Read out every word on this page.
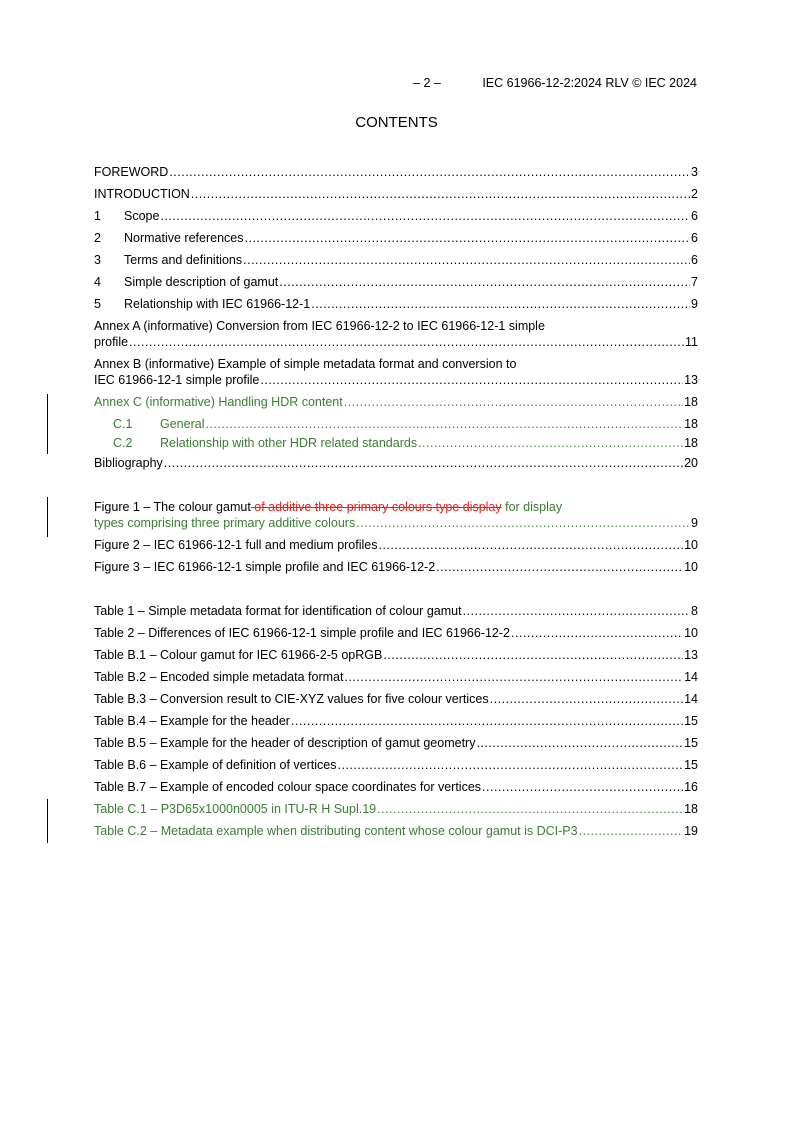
– 2 –	IEC 61966-12-2:2024 RLV © IEC 2024
CONTENTS
FOREWORD .....	3
INTRODUCTION .....	2
1	Scope .....	6
2	Normative references .....	6
3	Terms and definitions .....	6
4	Simple description of gamut .....	7
5	Relationship with IEC 61966-12-1 .....	9
Annex A (informative) Conversion from IEC 61966-12-2 to IEC 61966-12-1 simple
profile .....	11
Annex B (informative) Example of simple metadata format and conversion to
IEC 61966-12-1 simple profile .....	13
Annex C (informative) Handling HDR content .....	18
C.1	General .....	18
C.2	Relationship with other HDR related standards .....	18
Bibliography .....	20
Figure 1 – The colour gamut of additive three primary colours type display for display
types comprising three primary additive colours .....	9
Figure 2 – IEC 61966-12-1 full and medium profiles .....	10
Figure 3 – IEC 61966-12-1 simple profile and IEC 61966-12-2 .....	10
Table 1 – Simple metadata format for identification of colour gamut .....	8
Table 2 – Differences of IEC 61966-12-1 simple profile and IEC 61966-12-2 .....	10
Table B.1 – Colour gamut for IEC 61966-2-5 opRGB .....	13
Table B.2 – Encoded simple metadata format .....	14
Table B.3 – Conversion result to CIE-XYZ values for five colour vertices .....	14
Table B.4 – Example for the header .....	15
Table B.5 – Example for the header of description of gamut geometry .....	15
Table B.6 – Example of definition of vertices .....	15
Table B.7 – Example of encoded colour space coordinates for vertices .....	16
Table C.1 – P3D65x1000n0005 in ITU-R H Supl.19 .....	18
Table C.2 – Metadata example when distributing content whose colour gamut is DCI-P3 .....	19
